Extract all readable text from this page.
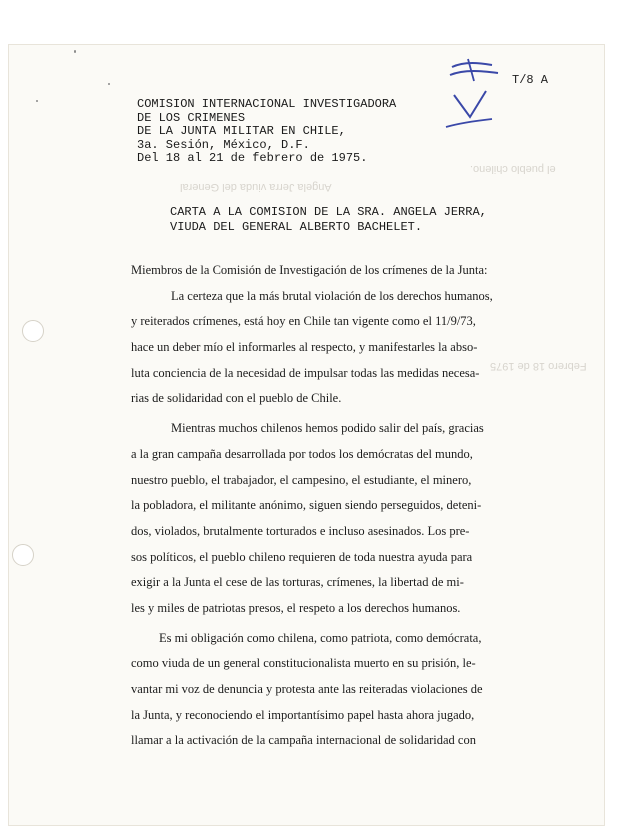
T/8 A
COMISION INTERNACIONAL INVESTIGADORA
DE LOS CRIMENES
DE LA JUNTA MILITAR EN CHILE,
3a. Sesión, México, D.F.
Del 18 al 21 de febrero de 1975.
el pueblo chileno.
Angela Jerra viuda del General
Febrero 18 de 1975
CARTA A LA COMISION DE LA SRA. ANGELA JERRA,
VIUDA DEL GENERAL ALBERTO BACHELET.
Miembros de la Comisión de Investigación de los crímenes de la Junta:
La certeza que la más brutal violación de los derechos humanos,
y reiterados crímenes, está hoy en Chile tan vigente como el 11/9/73,
hace un deber mío el informarles al respecto, y manifestarles la abso-
luta conciencia de la necesidad de impulsar todas las medidas necesa-
rias de solidaridad con el pueblo de Chile.
Mientras muchos chilenos hemos podido salir del país, gracias
a la gran campaña desarrollada por todos los demócratas del mundo,
nuestro pueblo, el trabajador, el campesino, el estudiante, el minero,
la pobladora, el militante anónimo, siguen siendo perseguidos, deteni-
dos, violados, brutalmente torturados e incluso asesinados. Los pre-
sos políticos, el pueblo chileno requieren de toda nuestra ayuda para
exigir a la Junta el cese de las torturas, crímenes, la libertad de mi-
les y miles de patriotas presos, el respeto a los derechos humanos.
Es mi obligación como chilena, como patriota, como demócrata,
como viuda de un general constitucionalista muerto en su prisión, le-
vantar mi voz de denuncia y protesta ante las reiteradas violaciones de
la Junta, y reconociendo el importantísimo papel hasta ahora jugado,
llamar a la activación de la campaña internacional de solidaridad con
